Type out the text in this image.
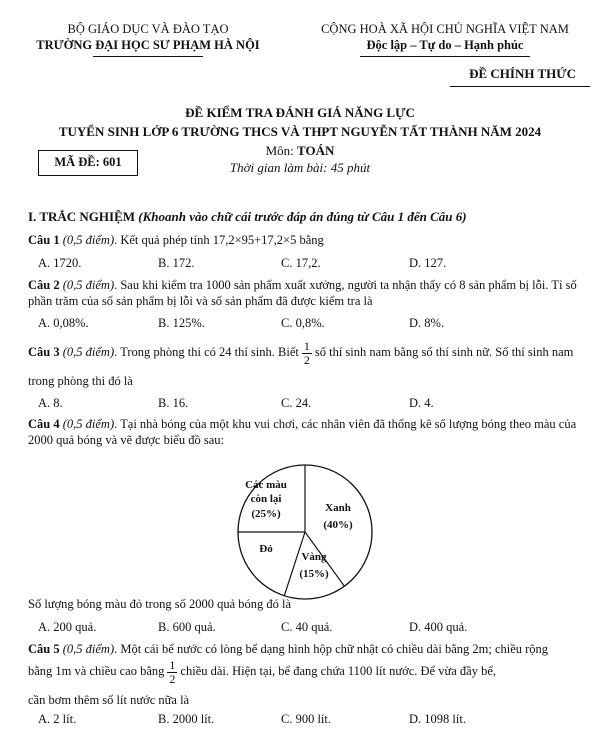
BỘ GIÁO DỤC VÀ ĐÀO TẠO
TRƯỜNG ĐẠI HỌC SƯ PHẠM HÀ NỘI
CỘNG HOÀ XÃ HỘI CHỦ NGHĨA VIỆT NAM
Độc lập – Tự do – Hạnh phúc
ĐỀ CHÍNH THỨC
ĐỀ KIỂM TRA ĐÁNH GIÁ NĂNG LỰC
TUYỂN SINH LỚP 6 TRƯỜNG THCS VÀ THPT NGUYỄN TẤT THÀNH NĂM 2024
MÃ ĐỀ: 601
Môn: TOÁN
Thời gian làm bài: 45 phút
I. TRẮC NGHIỆM (Khoanh vào chữ cái trước đáp án đúng từ Câu 1 đến Câu 6)
Câu 1 (0,5 điểm). Kết quả phép tính 17,2×95+17,2×5 bằng
A. 1720.	B. 172.	C. 17,2.	D. 127.
Câu 2 (0,5 điểm). Sau khi kiểm tra 1000 sản phẩm xuất xưởng, người ta nhận thấy có 8 sản phẩm bị lỗi. Tỉ số phần trăm của số sản phẩm bị lỗi và số sản phẩm đã được kiểm tra là
A. 0,08%.	B. 125%.	C. 0,8%.	D. 8%.
Câu 3 (0,5 điểm). Trong phòng thi có 24 thí sinh. Biết $\frac{1}{2}$ số thí sinh nam bằng số thí sinh nữ. Số thí sinh nam
trong phòng thi đó là
A. 8.	B. 16.	C. 24.	D. 4.
Câu 4 (0,5 điểm). Tại nhà bóng của một khu vui chơi, các nhân viên đã thống kê số lượng bóng theo màu của 2000 quả bóng và vẽ được biểu đồ sau:
Các màu
còn lại
(25%)	Xanh
(40%)
Đỏ
Vàng
(15%)
Số lượng bóng màu đỏ trong số 2000 quả bóng đó là
A. 200 quả.	B. 600 quả.	C. 40 quả.	D. 400 quả.
Câu 5 (0,5 điểm). Một cái bể nước có lòng bể dạng hình hộp chữ nhật có chiều dài bằng 2m; chiều rộng
bằng 1m và chiều cao bằng $\frac{1}{2}$ chiều dài. Hiện tại, bể đang chứa 1100 lít nước. Để vừa đầy bể,
cần bơm thêm số lít nước nữa là
A. 2 lít.	B. 2000 lít.	C. 900 lít.	D. 1098 lít.
